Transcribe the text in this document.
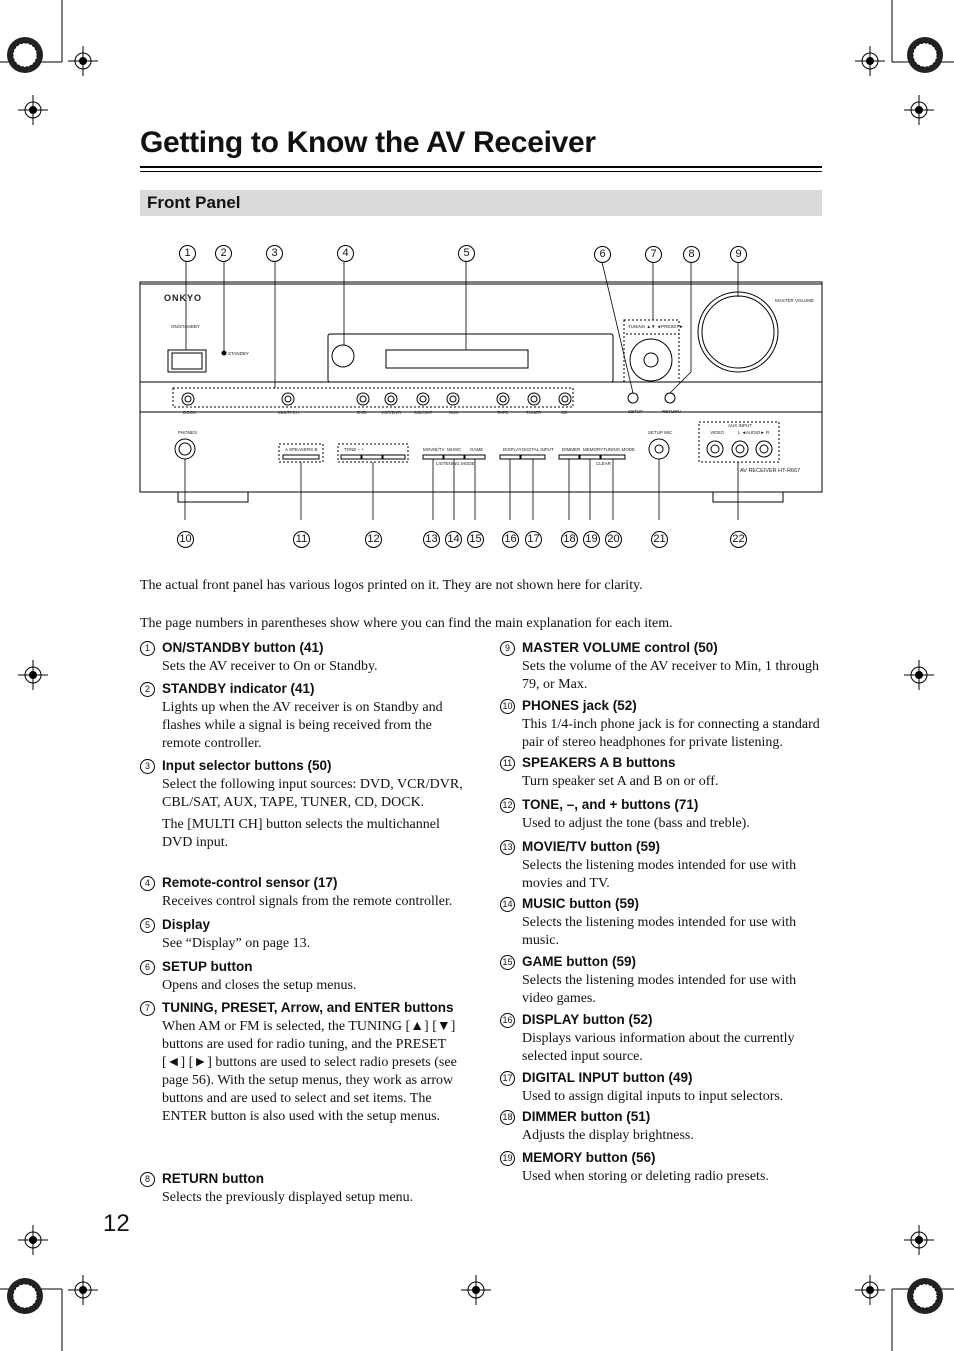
Getting to Know the AV Receiver
Front Panel
1	2	3	4	5	6	7	8	9
ONKYO
ON/STANDBY
STANDBY
MASTER VOLUME
TUNING ▲▼ ◄PRESET►
DOCK	MULTI CH	DVD	VCR/DVR	CBL/SAT	AUX	TAPE	TUNER	CD	SETUP	RETURN
PHONES
A SPEAKERS B	TONE – +	MOVIE/TV MUSIC GAME
LISTENING MODE
DISPLAY DIGITAL INPUT DIMMER MEMORY TUNING MODE
CLEAR
SETUP MIC
AUX INPUT
VIDEO	L ◄AUDIO► R
AV RECEIVER HT-R667
10	11	12	13 14 15 16 17 18 19 20	21	22
The actual front panel has various logos printed on it. They are not shown here for clarity.
The page numbers in parentheses show where you can find the main explanation for each item.
1 ON/STANDBY button (41)

Sets the AV receiver to On or Standby.

2 STANDBY indicator (41)

Lights up when the AV receiver is on Standby and flashes while a signal is being received from the remote controller.

3 Input selector buttons (50)

Select the following input sources: DVD, VCR/DVR, CBL/SAT, AUX, TAPE, TUNER, CD, DOCK.

The [MULTI CH] button selects the multichannel DVD input.

4 Remote-control sensor (17)

Receives control signals from the remote controller.

5 Display

See “Display” on page 13.

6 SETUP button

Opens and closes the setup menus.

7 TUNING, PRESET, Arrow, and ENTER buttons

When AM or FM is selected, the TUNING [▲] [▼] buttons are used for radio tuning, and the PRESET [◄] [►] buttons are used to select radio presets (see page 56). With the setup menus, they work as arrow buttons and are used to select and set items. The ENTER button is also used with the setup menus.

8 RETURN button

Selects the previously displayed setup menu.

9 MASTER VOLUME control (50)

Sets the volume of the AV receiver to Min, 1 through 79, or Max.

10 PHONES jack (52)

This 1/4-inch phone jack is for connecting a standard pair of stereo headphones for private listening.

11 SPEAKERS A B buttons

Turn speaker set A and B on or off.

12 TONE, –, and + buttons (71)

Used to adjust the tone (bass and treble).

13 MOVIE/TV button (59)

Selects the listening modes intended for use with movies and TV.

14 MUSIC button (59)

Selects the listening modes intended for use with music.

15 GAME button (59)

Selects the listening modes intended for use with video games.

16 DISPLAY button (52)

Displays various information about the currently selected input source.

17 DIGITAL INPUT button (49)

Used to assign digital inputs to input selectors.

18 DIMMER button (51)

Adjusts the display brightness.

19 MEMORY button (56)

Used when storing or deleting radio presets.

12
